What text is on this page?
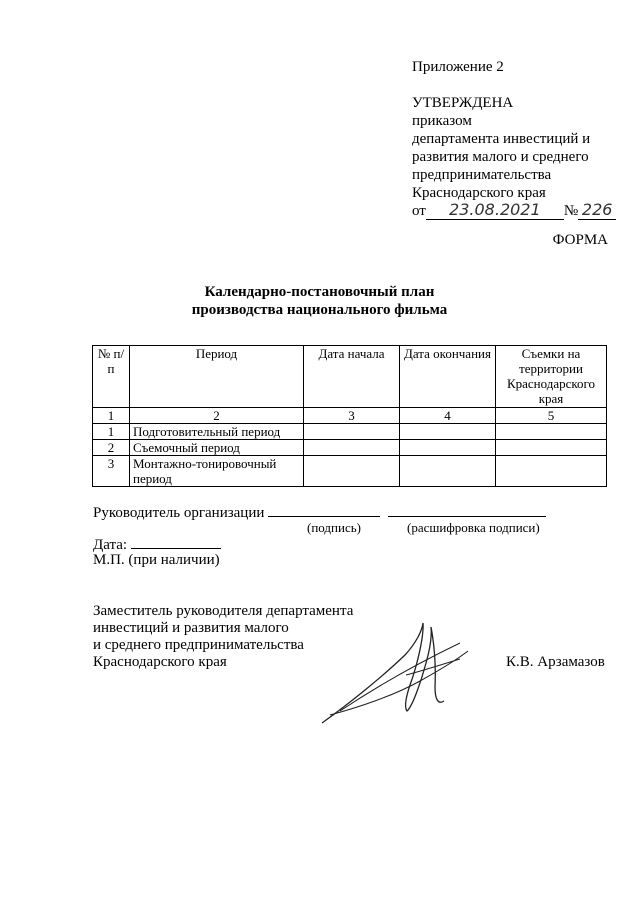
Приложение 2
УТВЕРЖДЕНА
приказом
департамента инвестиций и
развития малого и среднего
предпринимательства
Краснодарского края
от 23.08.2021 № 226
ФОРМА
Календарно-постановочный план
производства национального фильма
№ п/п	Период	Дата начала	Дата окончания	Съемки на территории Краснодарского края
1	2	3	4	5
1	Подготовительный период			
2	Съемочный период			
3	Монтажно-тонировочный период			
Руководитель организации
(подпись)	(расшифровка подписи)
Дата:
М.П. (при наличии)
Заместитель руководителя департамента
инвестиций и развития малого
и среднего предпринимательства
Краснодарского края	К.В. Арзамазов
